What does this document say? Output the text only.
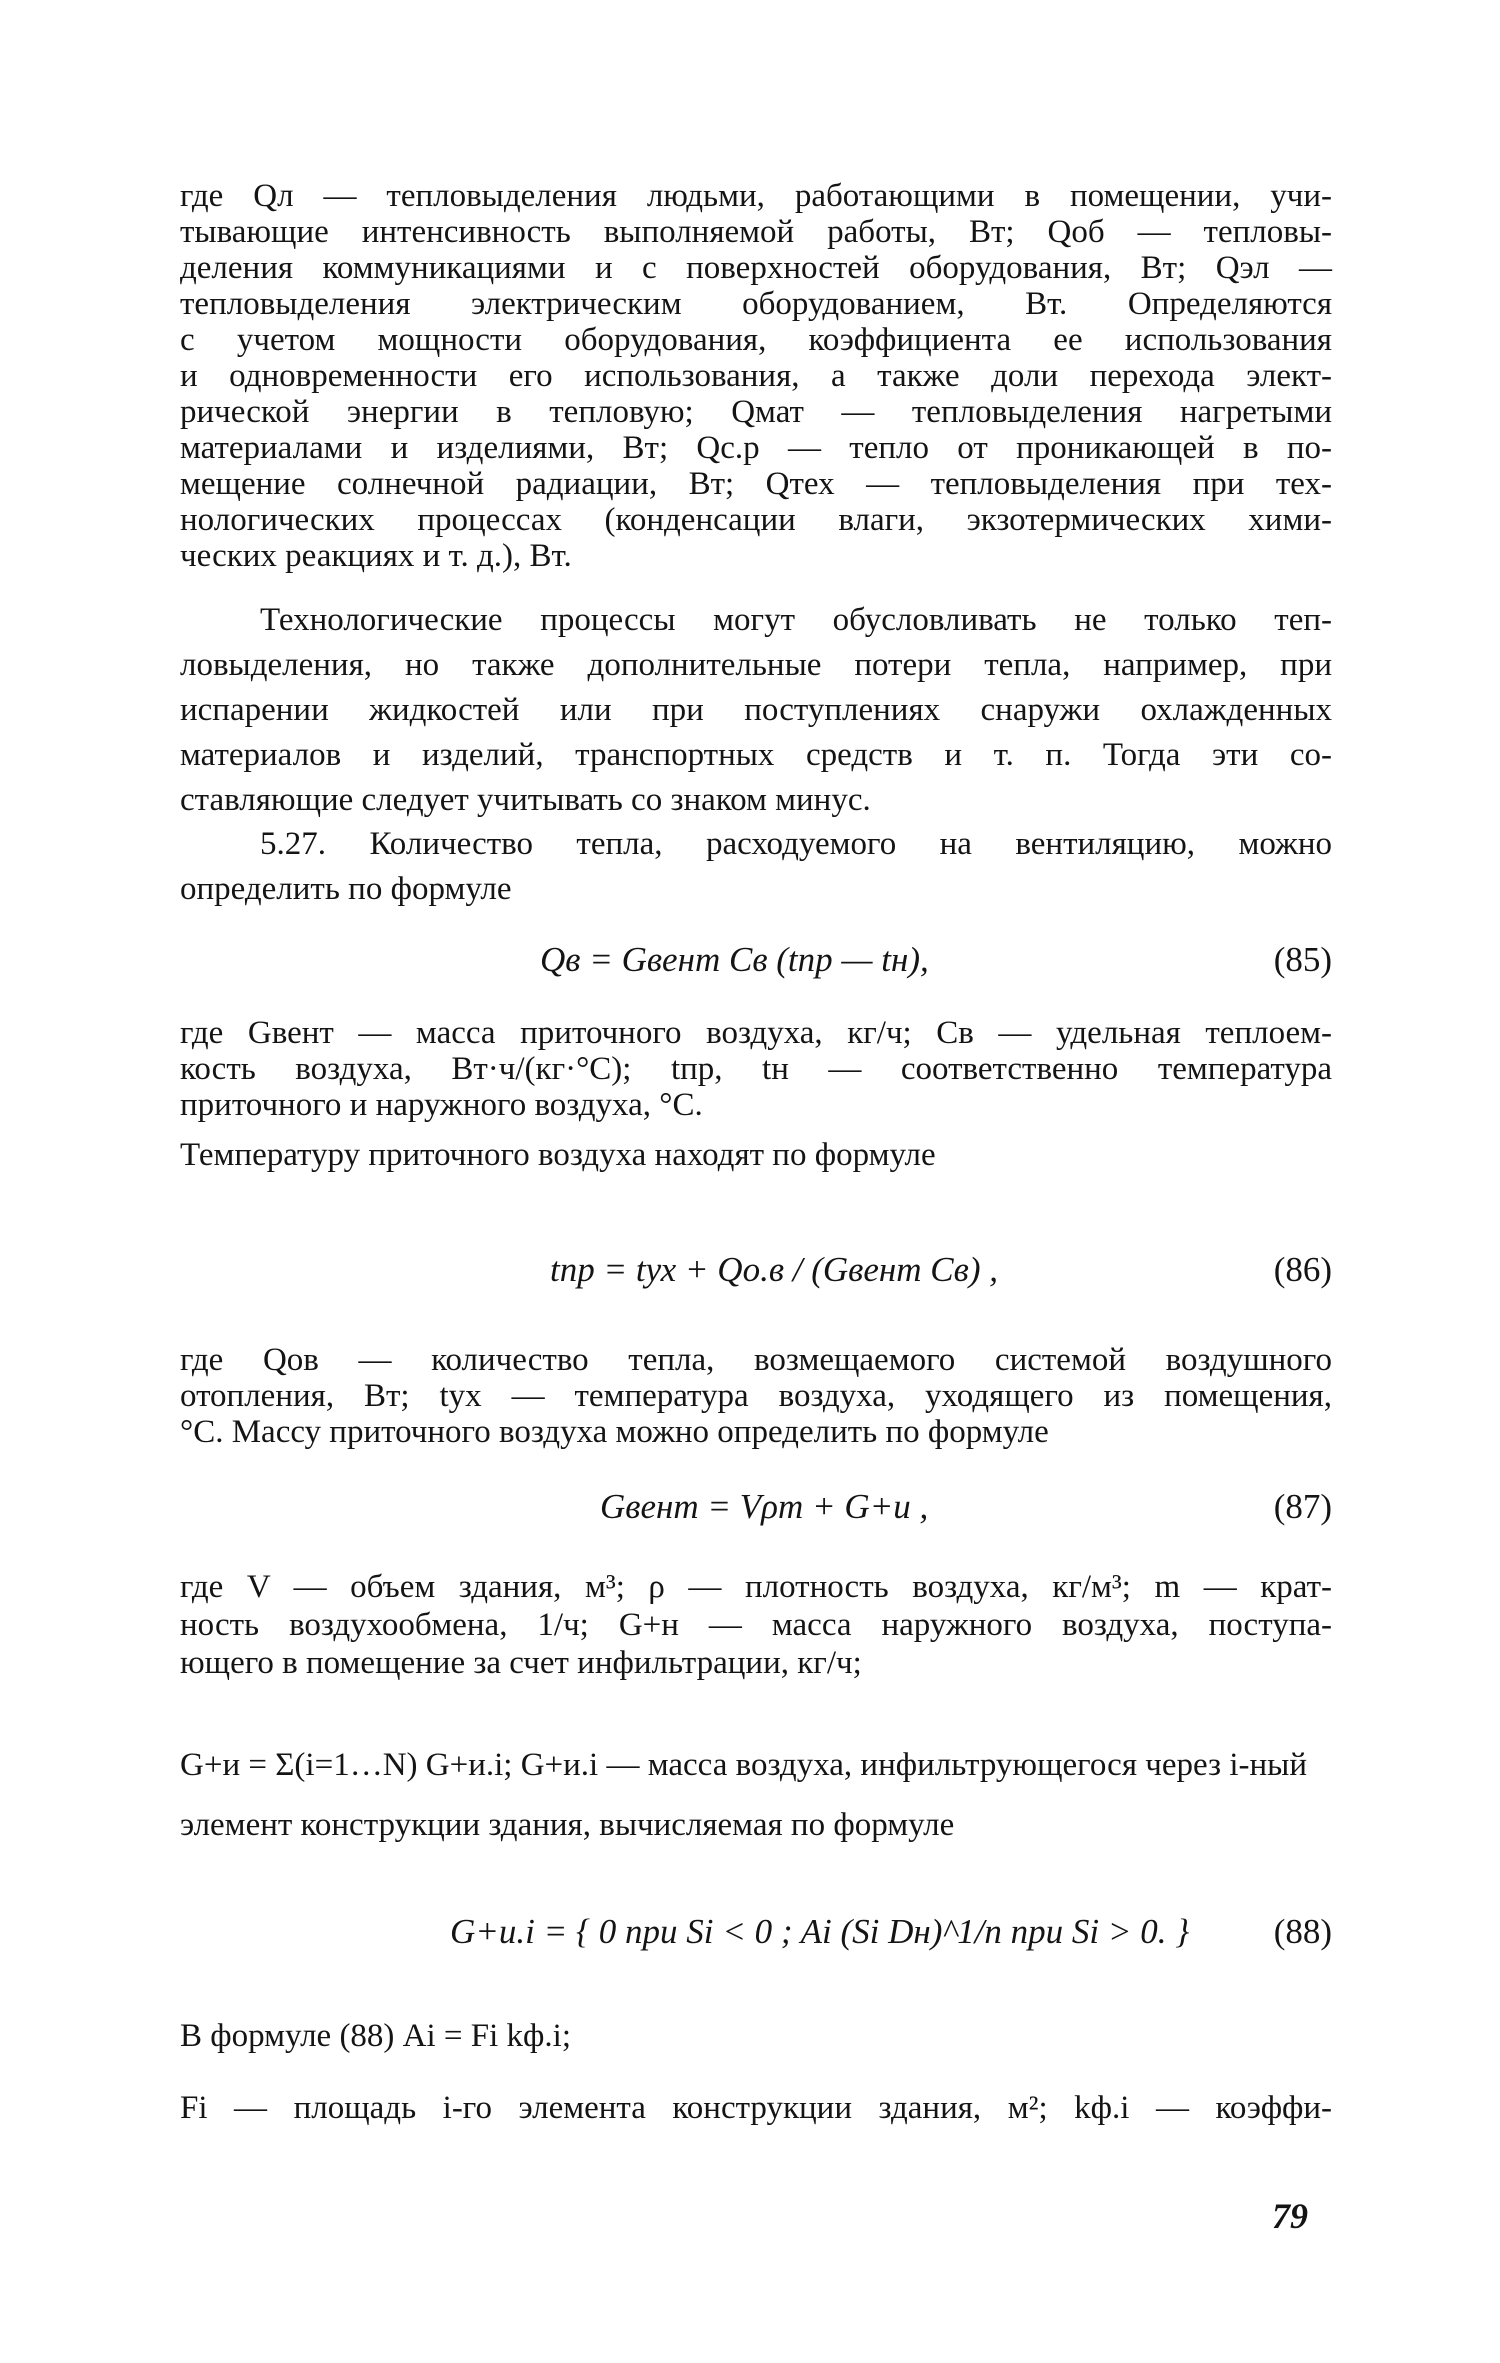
где Qл — тепловыделения людьми, работающими в помещении, учи-
тывающие интенсивность выполняемой работы, Вт; Qоб — тепловы-
деления коммуникациями и с поверхностей оборудования, Вт; Qэл —
тепловыделения электрическим оборудованием, Вт. Определяются
с учетом мощности оборудования, коэффициента ее использования
и одновременности его использования, а также доли перехода элект-
рической энергии в тепловую; Qмат — тепловыделения нагретыми
материалами и изделиями, Вт; Qс.р — тепло от проникающей в по-
мещение солнечной радиации, Вт; Qтех — тепловыделения при тех-
нологических процессах (конденсации влаги, экзотермических хими-
ческих реакциях и т. д.), Вт.
Технологические процессы могут обусловливать не только теп-
ловыделения, но также дополнительные потери тепла, например, при
испарении жидкостей или при поступлениях снаружи охлажденных
материалов и изделий, транспортных средств и т. п. Тогда эти со-
ставляющие следует учитывать со знаком минус.
5.27. Количество тепла, расходуемого на вентиляцию, можно
определить по формуле
Qв = Gвент Cв (tпр — tн),	(85)
где Gвент — масса приточного воздуха, кг/ч; Cв — удельная теплоем-
кость воздуха, Вт·ч/(кг·°С); tпр, tн — соответственно температура
приточного и наружного воздуха, °С.
Температуру приточного воздуха находят по формуле
tпр = tух + Qо.в / (Gвент Cв) ,	(86)
где Qов — количество тепла, возмещаемого системой воздушного
отопления, Вт; tух — температура воздуха, уходящего из помещения,
°С. Массу приточного воздуха можно определить по формуле
Gвент = Vρm + G+и ,	(87)
где V — объем здания, м³; ρ — плотность воздуха, кг/м³; m — крат-
ность воздухообмена, 1/ч; G+н — масса наружного воздуха, поступа-
ющего в помещение за счет инфильтрации, кг/ч;
G+и = Σ(i=1…N) G+и.i; G+и.i — масса воздуха, инфильтрующегося через i-ный
элемент конструкции здания, вычисляемая по формуле
G+и.i = { 0 при Si < 0 ; Ai (Si Dн)^1/n при Si > 0. } (88)
В формуле (88) Ai = Fi kф.i;
Fi — площадь i-го элемента конструкции здания, м²; kф.i — коэффи-
79
